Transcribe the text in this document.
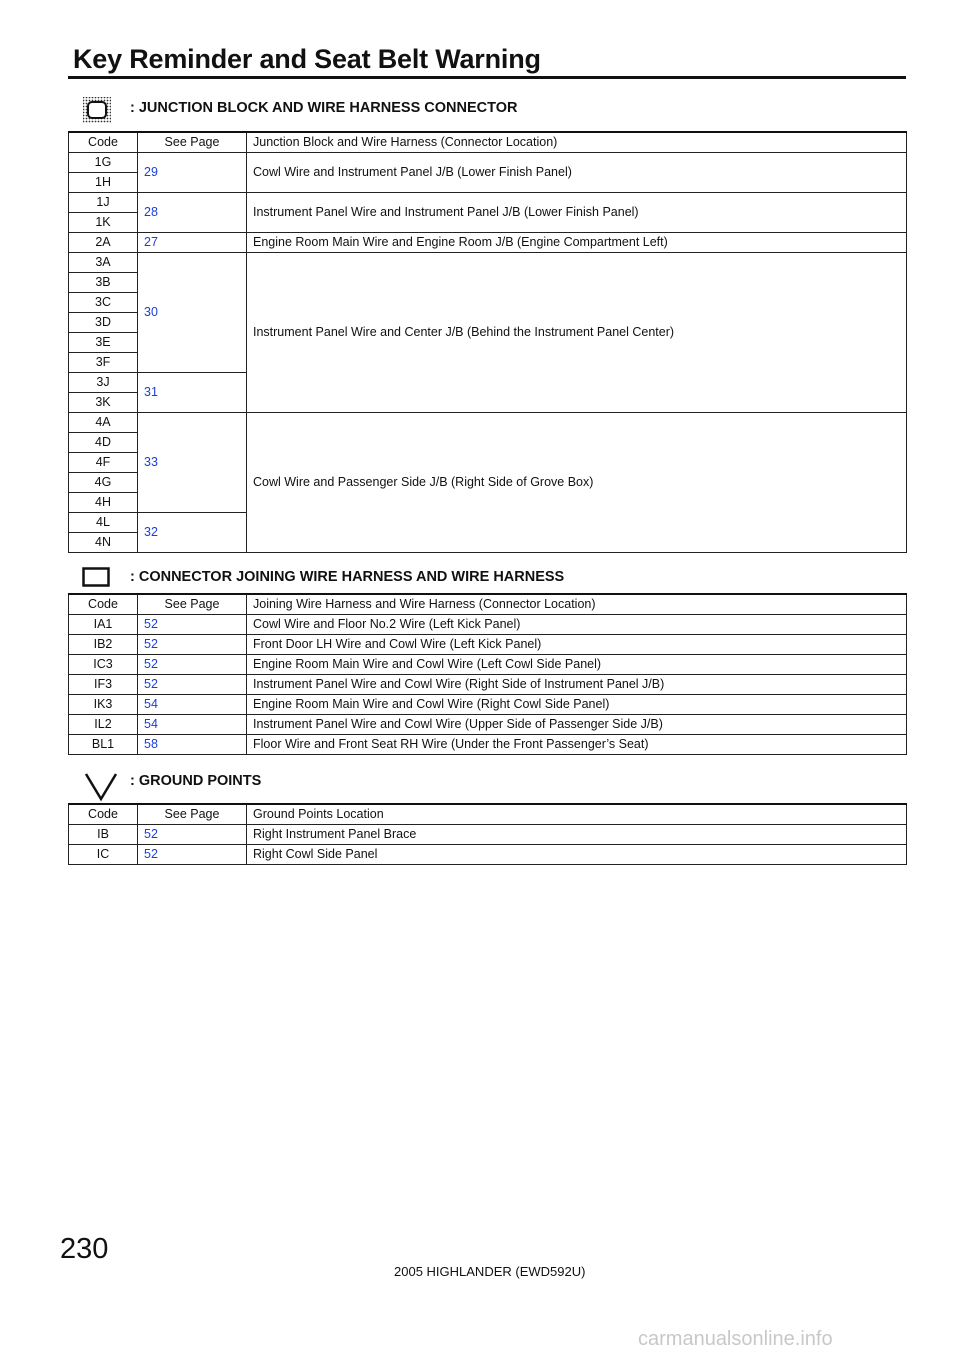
Key Reminder and Seat Belt Warning
: JUNCTION BLOCK AND WIRE HARNESS CONNECTOR
Code	See Page	Junction Block and Wire Harness (Connector Location)
1G	29	Cowl Wire and Instrument Panel J/B (Lower Finish Panel)
1H		
1J	28	Instrument Panel Wire and Instrument Panel J/B (Lower Finish Panel)
1K		
2A	27	Engine Room Main Wire and Engine Room J/B (Engine Compartment Left)
3A	30	Instrument Panel Wire and Center J/B (Behind the Instrument Panel Center)
3B		
3C		
3D		
3E		
3F		
3J	31	
3K		
4A	33	Cowl Wire and Passenger Side J/B (Right Side of Grove Box)
4D		
4F		
4G		
4H		
4L	32	
4N		
: CONNECTOR JOINING WIRE HARNESS AND WIRE HARNESS
Code	See Page	Joining Wire Harness and Wire Harness (Connector Location)
IA1	52	Cowl Wire and Floor No.2 Wire (Left Kick Panel)
IB2	52	Front Door LH Wire and Cowl Wire (Left Kick Panel)
IC3	52	Engine Room Main Wire and Cowl Wire (Left Cowl Side Panel)
IF3	52	Instrument Panel Wire and Cowl Wire (Right Side of Instrument Panel J/B)
IK3	54	Engine Room Main Wire and Cowl Wire (Right Cowl Side Panel)
IL2	54	Instrument Panel Wire and Cowl Wire (Upper Side of Passenger Side J/B)
BL1	58	Floor Wire and Front Seat RH Wire (Under the Front Passenger’s Seat)
: GROUND POINTS
Code	See Page	Ground Points Location
IB	52	Right Instrument Panel Brace
IC	52	Right Cowl Side Panel
230
2005 HIGHLANDER (EWD592U)
carmanualsonline.info
